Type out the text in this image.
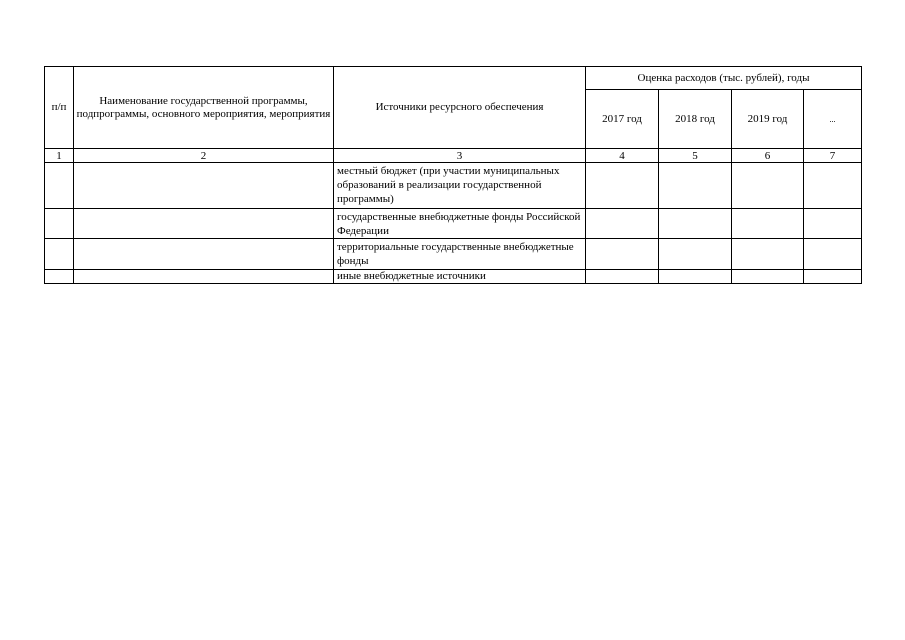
п/п	Наименование государственной программы, подпрограммы, основного мероприятия, мероприятия	Источники ресурсного обеспечения	Оценка расходов (тыс. рублей), годы			
			2017 год	2018 год	2019 год	...
1	2	3	4	5	6	7
		местный бюджет (при участии муниципальных образований в реализации государственной программы)				
		государственные внебюджетные фонды Российской Федерации				
		территориальные государственные внебюджетные фонды				
		иные внебюджетные источники				
